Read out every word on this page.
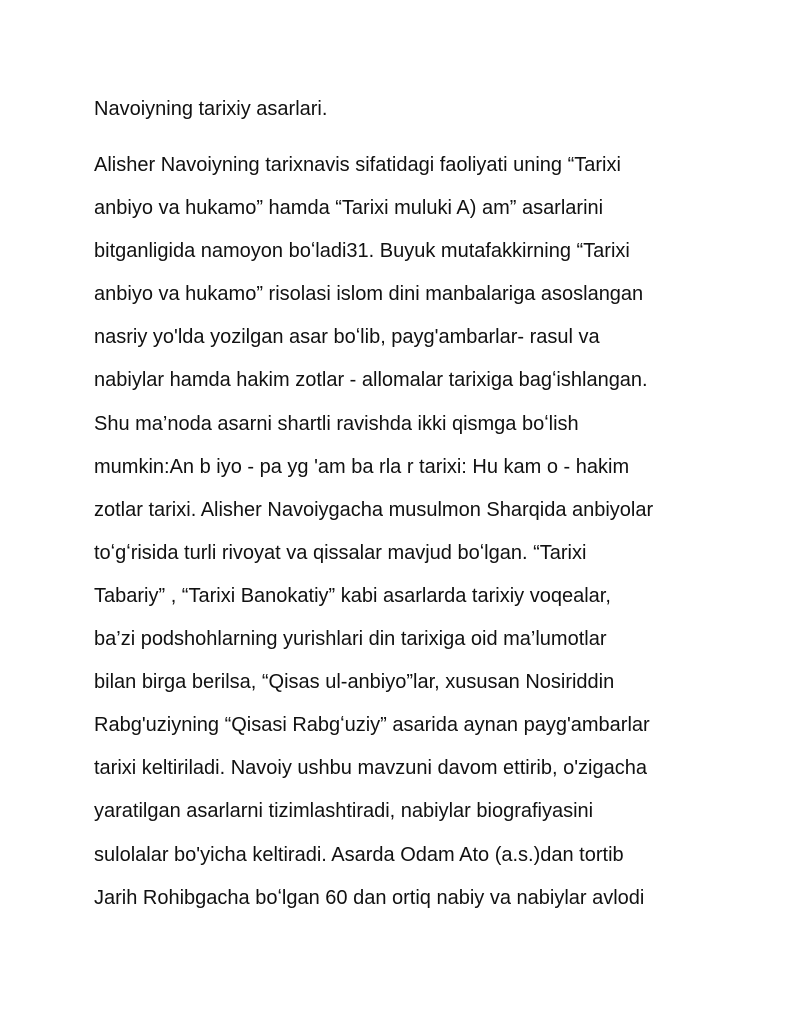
Navoiyning tarixiy asarlari.
Alisher Navoiyning tarixnavis sifatidagi faoliyati uning “Tarixi
anbiyo va hukamo” hamda “Tarixi muluki A) am” asarlarini
bitganligida namoyon boʻladi31. Buyuk mutafakkirning “Tarixi
anbiyo va hukamo” risolasi islom dini manbalariga asoslangan
nasriy yo'lda yozilgan asar boʻlib, payg'ambarlar- rasul va
nabiylar hamda hakim zotlar - allomalar tarixiga bagʻishlangan.
Shu ma’noda asarni shartli ravishda ikki qismga boʻlish
mumkin:An b iyo - pa yg 'am ba rla r tarixi: Hu kam o - hakim
zotlar tarixi. Alisher Navoiygacha musulmon Sharqida anbiyolar
toʻgʻrisida turli rivoyat va qissalar mavjud boʻlgan. “Tarixi
Tabariy” , “Tarixi Banokatiy” kabi asarlarda tarixiy voqealar,
ba’zi podshohlarning yurishlari din tarixiga oid ma’lumotlar
bilan birga berilsa, “Qisas ul-anbiyo”lar, xususan Nosiriddin
Rabg'uziyning “Qisasi Rabgʻuziy” asarida aynan payg'ambarlar
tarixi keltiriladi. Navoiy ushbu mavzuni davom ettirib, o'zigacha
yaratilgan asarlarni tizimlashtiradi, nabiylar biografiyasini
sulolalar bo'yicha keltiradi. Asarda Odam Ato (a.s.)dan tortib
Jarih Rohibgacha boʻlgan 60 dan ortiq nabiy va nabiylar avlodi
